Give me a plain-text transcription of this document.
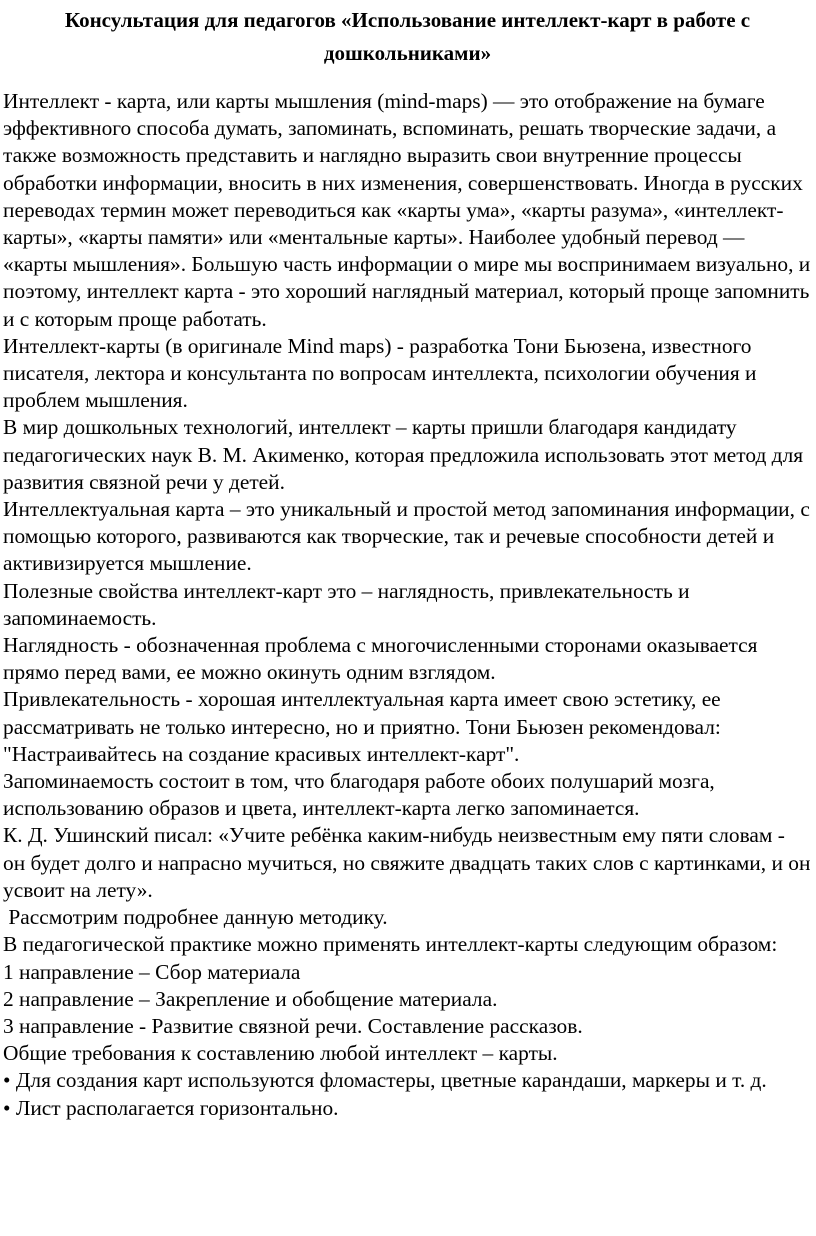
Консультация для педагогов «Использование интеллект-карт в работе с дошкольниками»

Интеллект - карта, или карты мышления (mind-maps) — это отображение на бумаге эффективного способа думать, запоминать, вспоминать, решать творческие задачи, а также возможность представить и наглядно выразить свои внутренние процессы обработки информации, вносить в них изменения, совершенствовать. Иногда в русских переводах термин может переводиться как «карты ума», «карты разума», «интеллект-карты», «карты памяти» или «ментальные карты». Наиболее удобный перевод — «карты мышления». Большую часть информации о мире мы воспринимаем визуально, и поэтому, интеллект карта - это хороший наглядный материал, который проще запомнить и с которым проще работать.

Интеллект-карты (в оригинале Mind maps) - разработка Тони Бьюзена, известного писателя, лектора и консультанта по вопросам интеллекта, психологии обучения и проблем мышления.

В мир дошкольных технологий, интеллект – карты пришли благодаря кандидату педагогических наук В. М. Акименко, которая предложила использовать этот метод для развития связной речи у детей.

Интеллектуальная карта – это уникальный и простой метод запоминания информации, с помощью которого, развиваются как творческие, так и речевые способности детей и активизируется мышление.

Полезные свойства интеллект-карт это – наглядность, привлекательность и запоминаемость.

Наглядность - обозначенная проблема с многочисленными сторонами оказывается прямо перед вами, ее можно окинуть одним взглядом.

Привлекательность - хорошая интеллектуальная карта имеет свою эстетику, ее рассматривать не только интересно, но и приятно. Тони Бьюзен рекомендовал: "Настраивайтесь на создание красивых интеллект-карт".

Запоминаемость состоит в том, что благодаря работе обоих полушарий мозга, использованию образов и цвета, интеллект-карта легко запоминается.

К. Д. Ушинский писал: «Учите ребёнка каким-нибудь неизвестным ему пяти словам - он будет долго и напрасно мучиться, но свяжите двадцать таких слов с картинками, и он усвоит на лету».

Рассмотрим подробнее данную методику.

В педагогической практике можно применять интеллект-карты следующим образом:

1 направление – Сбор материала

2 направление – Закрепление и обобщение материала.

3 направление - Развитие связной речи. Составление рассказов.

Общие требования к составлению любой интеллект – карты.

• Для создания карт используются фломастеры, цветные карандаши, маркеры и т. д.

• Лист располагается горизонтально.
